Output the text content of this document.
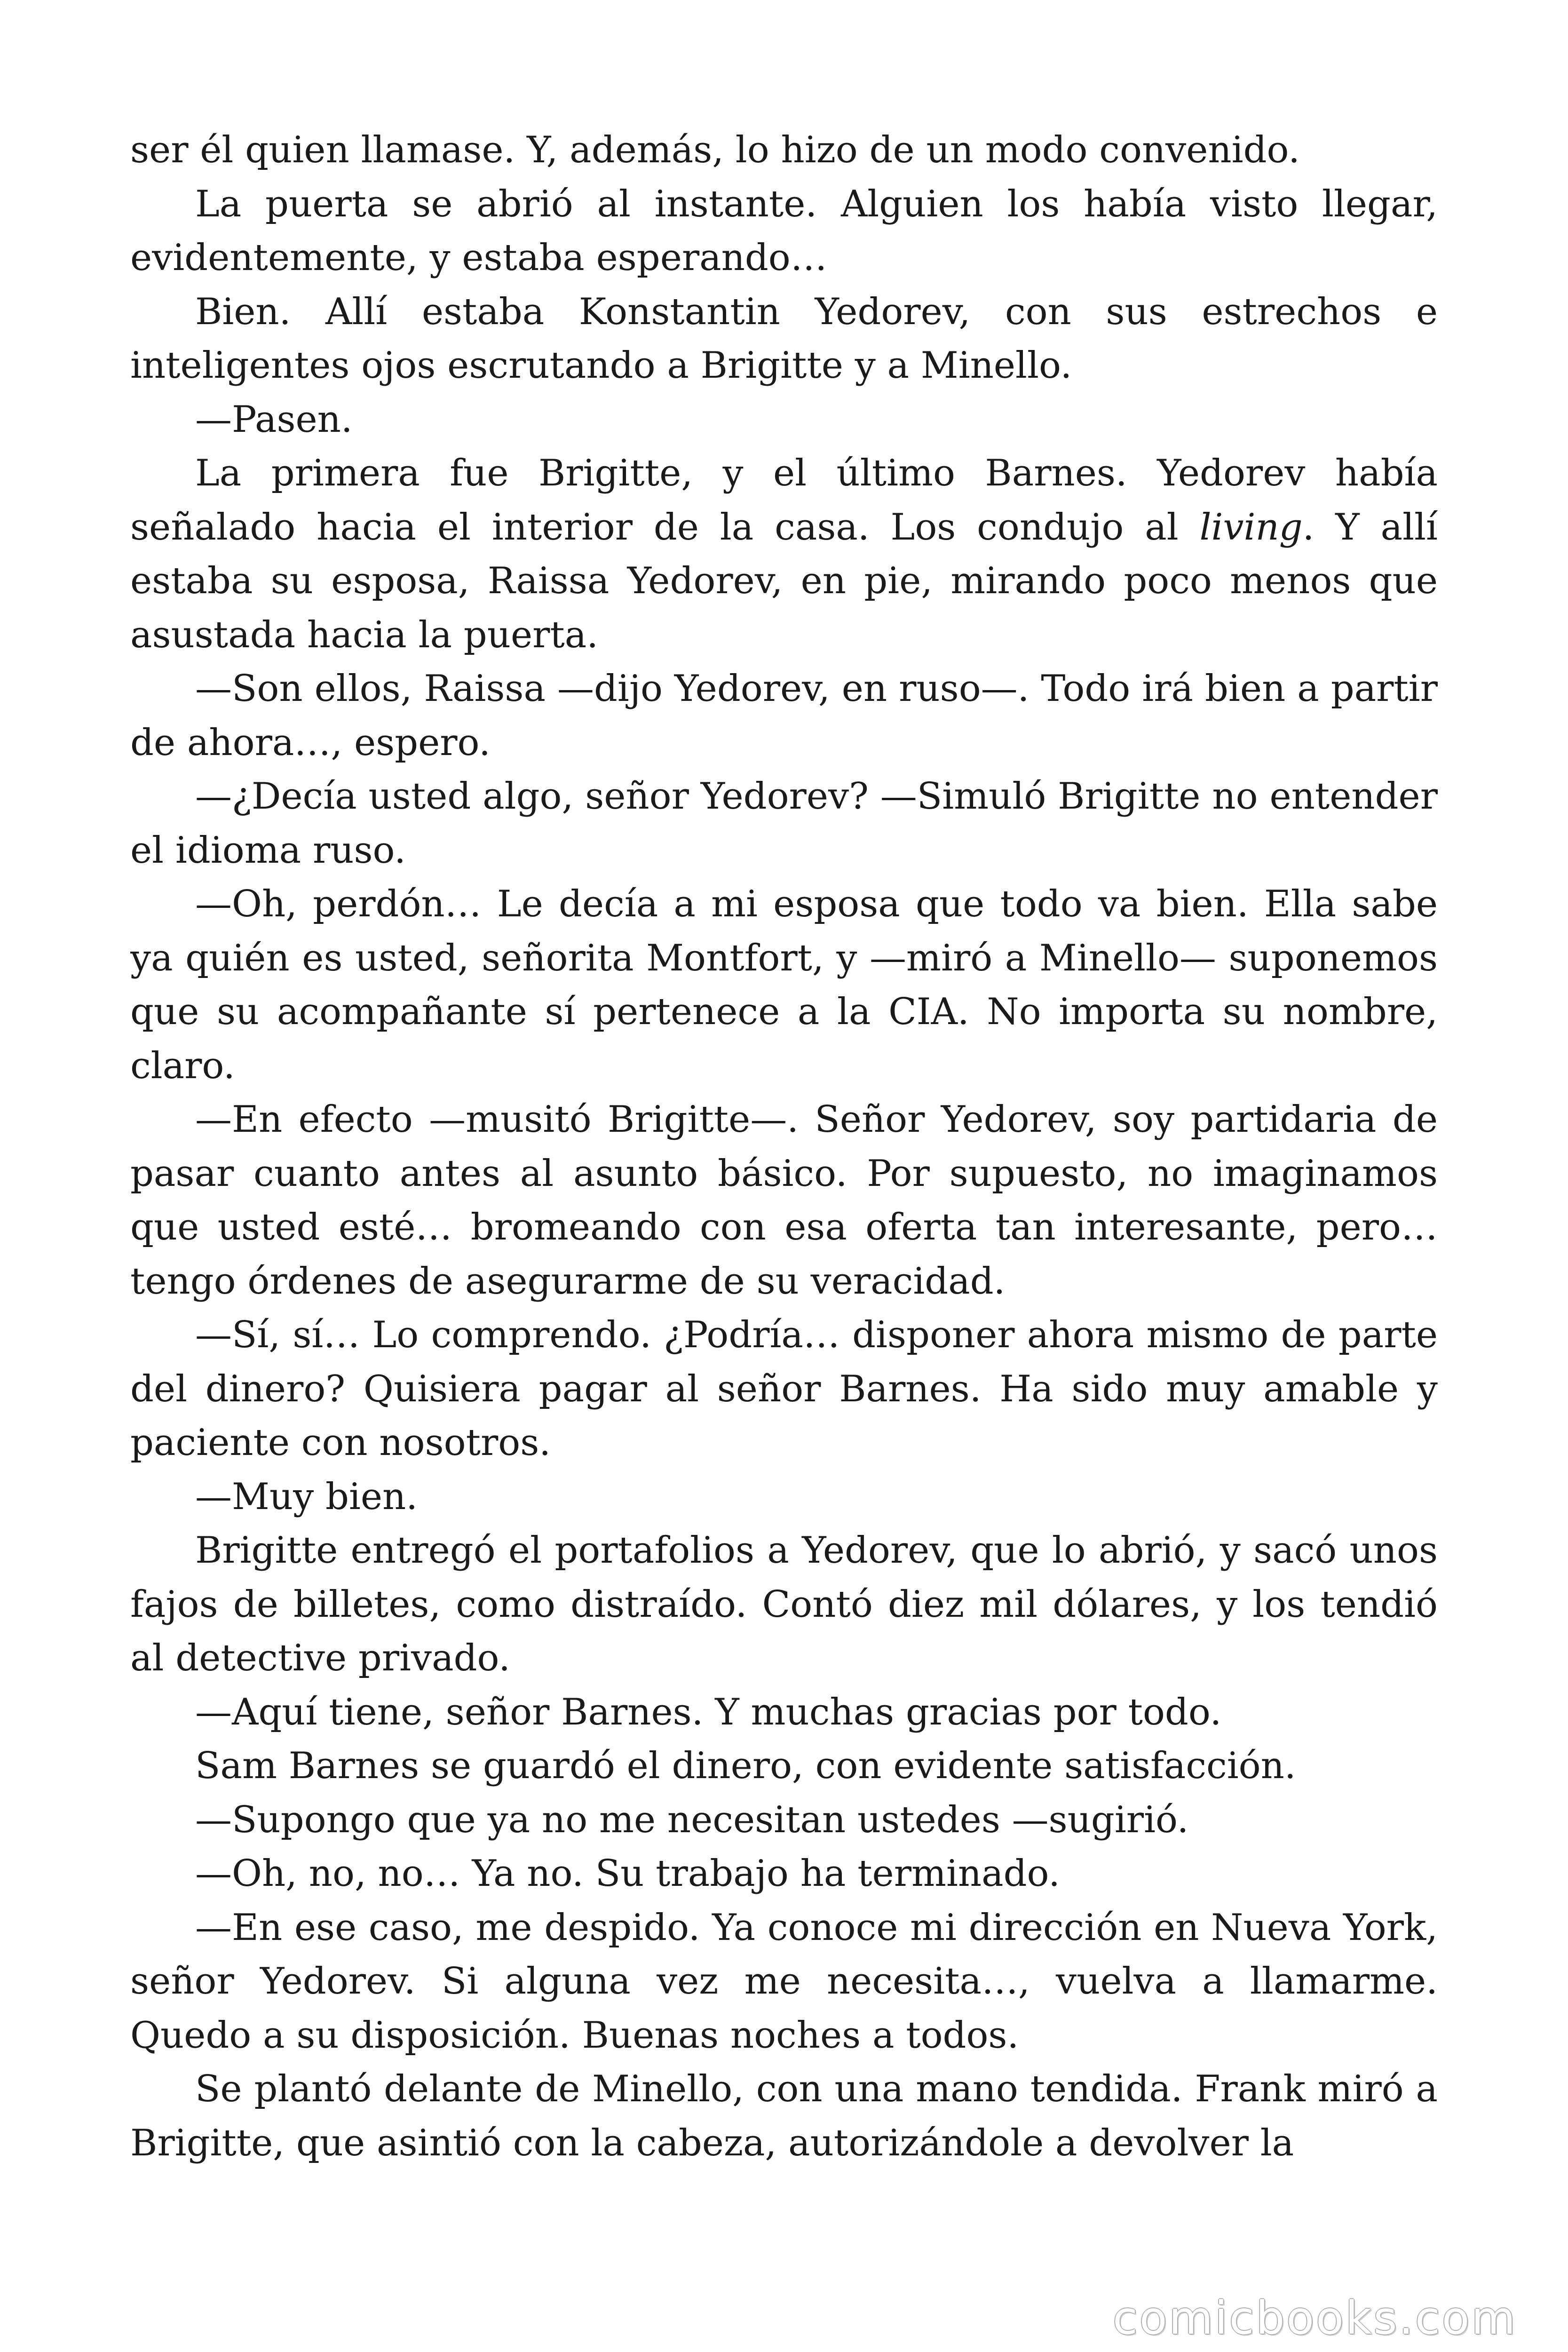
ser él quien llamase. Y, además, lo hizo de un modo convenido.

La puerta se abrió al instante. Alguien los había visto llegar, evidentemente, y estaba esperando…

Bien. Allí estaba Konstantin Yedorev, con sus estrechos e inteligentes ojos escrutando a Brigitte y a Minello.

—Pasen.

La primera fue Brigitte, y el último Barnes. Yedorev había señalado hacia el interior de la casa. Los condujo al living. Y allí estaba su esposa, Raissa Yedorev, en pie, mirando poco menos que asustada hacia la puerta.

—Son ellos, Raissa —dijo Yedorev, en ruso—. Todo irá bien a partir de ahora…, espero.

—¿Decía usted algo, señor Yedorev? —Simuló Brigitte no entender el idioma ruso.

—Oh, perdón… Le decía a mi esposa que todo va bien. Ella sabe ya quién es usted, señorita Montfort, y —miró a Minello— suponemos que su acompañante sí pertenece a la CIA. No importa su nombre, claro.

—En efecto —musitó Brigitte—. Señor Yedorev, soy partidaria de pasar cuanto antes al asunto básico. Por supuesto, no imaginamos que usted esté… bromeando con esa oferta tan interesante, pero… tengo órdenes de asegurarme de su veracidad.

—Sí, sí… Lo comprendo. ¿Podría… disponer ahora mismo de parte del dinero? Quisiera pagar al señor Barnes. Ha sido muy amable y paciente con nosotros.

—Muy bien.

Brigitte entregó el portafolios a Yedorev, que lo abrió, y sacó unos fajos de billetes, como distraído. Contó diez mil dólares, y los tendió al detective privado.

—Aquí tiene, señor Barnes. Y muchas gracias por todo.

Sam Barnes se guardó el dinero, con evidente satisfacción.

—Supongo que ya no me necesitan ustedes —sugirió.

—Oh, no, no… Ya no. Su trabajo ha terminado.

—En ese caso, me despido. Ya conoce mi dirección en Nueva York, señor Yedorev. Si alguna vez me necesita…, vuelva a llamarme. Quedo a su disposición. Buenas noches a todos.

Se plantó delante de Minello, con una mano tendida. Frank miró a Brigitte, que asintió con la cabeza, autorizándole a devolver la

comicbooks.com
